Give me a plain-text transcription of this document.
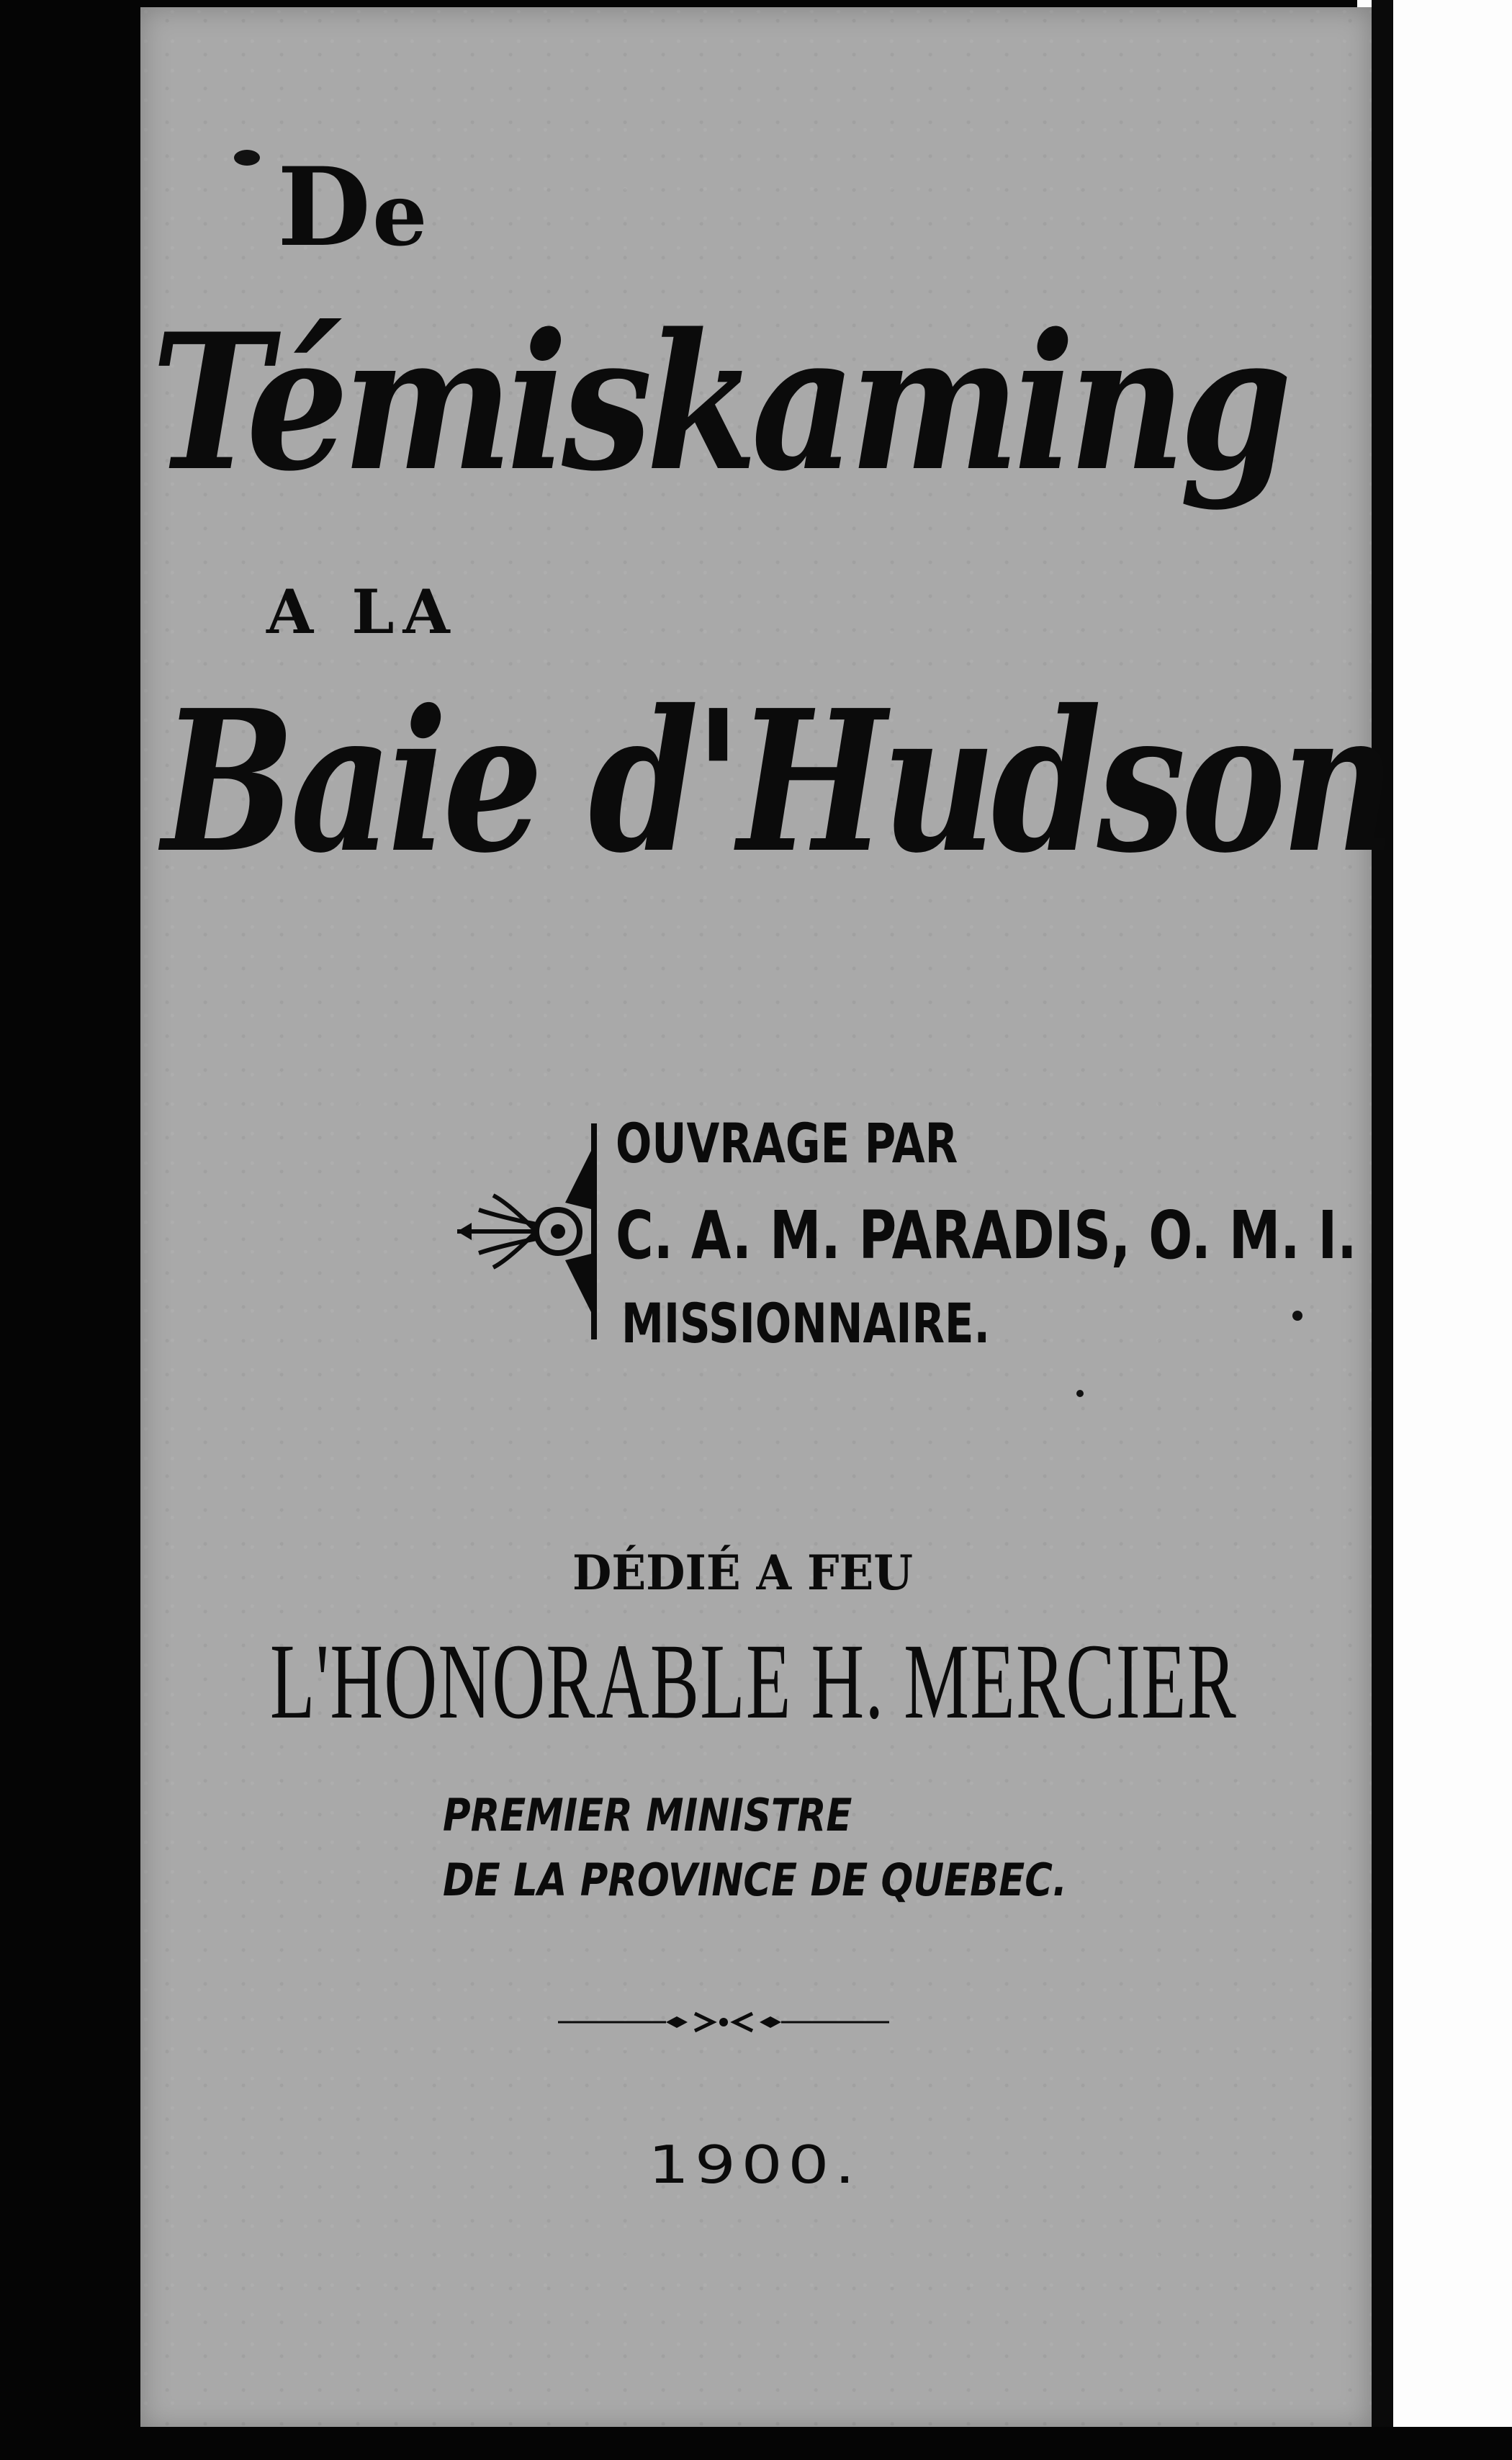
De

Témiskaming

A LA

Baie d'Hudson

OUVRAGE PAR

C. A. M. PARADIS, O. M. I.

MISSIONNAIRE.

DÉDIÉ A FEU

L'HONORABLE H. MERCIER

PREMIER MINISTRE

DE LA PROVINCE DE QUEBEC.

1900.
